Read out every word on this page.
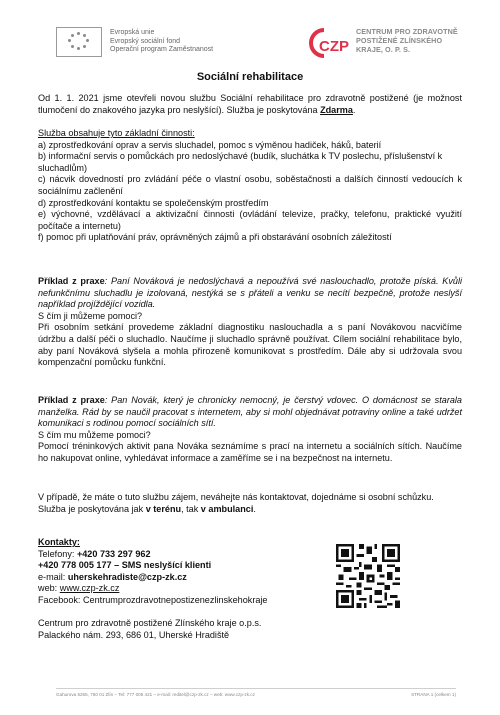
Evropská unie
Evropský sociální fond
Operační program Zaměstnanost	CZP
CENTRUM PRO ZDRAVOTNĚ
POSTIŽENÉ ZLÍNSKÉHO
KRAJE, O. P. S.
Sociální rehabilitace
Od 1. 1. 2021 jsme otevřeli novou službu Sociální rehabilitace pro zdravotně postižené (je možnost tlumočení do znakového jazyka pro neslyšící). Služba je poskytována Zdarma.

Služba obsahuje tyto základní činnosti:

a) zprostředkování oprav a servis sluchadel, pomoc s výměnou hadiček, háků, baterií

b) informační servis o pomůckách pro nedoslýchavé (budík, sluchátka k TV poslechu, příslušenství k sluchadlům)

c) nácvik dovedností pro zvládání péče o vlastní osobu, soběstačnosti a dalších činností vedoucích k sociálnímu začlenění

d) zprostředkování kontaktu se společenským prostředím

e) výchovné, vzdělávací a aktivizační činnosti (ovládání televize, pračky, telefonu, praktické využití počítače a internetu)

f) pomoc při uplatňování práv, oprávněných zájmů a při obstarávání osobních záležitostí

Příklad z praxe: Paní Nováková je nedoslýchavá a nepoužívá své naslouchadlo, protože píská. Kvůli nefunkčnímu sluchadlu je izolovaná, nestýká se s přáteli a venku se necítí bezpečně, protože neslyší například projíždějící vozidla.

S čím ji můžeme pomoci?

Při osobním setkání provedeme základní diagnostiku naslouchadla a s paní Novákovou nacvičíme údržbu a další péči o sluchadlo. Naučíme ji sluchadlo správně používat. Cílem sociální rehabilitace bylo, aby paní Nováková slyšela a mohla přirozeně komunikovat s prostředím. Dále aby si udržovala svou kompenzační pomůcku funkční.

Příklad z praxe: Pan Novák, který je chronicky nemocný, je čerstvý vdovec. O domácnost se starala manželka. Rád by se naučil pracovat s internetem, aby si mohl objednávat potraviny online a také udržet komunikaci s rodinou pomocí sociálních sítí.

S čím mu můžeme pomoci?

Pomocí tréninkových aktivit pana Nováka seznámíme s prací na internetu a sociálních sítích. Naučíme ho nakupovat online, vyhledávat informace a zaměříme se i na bezpečnost na internetu.

V případě, že máte o tuto službu zájem, neváhejte nás kontaktovat, dojednáme si osobní schůzku.

Služba je poskytována jak v terénu, tak v ambulanci.

Kontakty:

Telefony: +420 733 297 962

+420 778 005 177 – SMS neslyšící klienti

e-mail: uherskehradiste@czp-zk.cz

web: www.czp-zk.cz

Facebook: Centrumprozdravotnepostizenezlinskehokraje

Centrum pro zdravotně postižené Zlínského kraje o.p.s.

Palackého nám. 293, 686 01, Uherské Hradiště

Gahurova 5265, 760 01 Zlín – Tel: 777 005 421 – e-mail: reditel@czp-zk.cz – web: www.czp-zk.cz	STRANA 1 (celkem 1)
